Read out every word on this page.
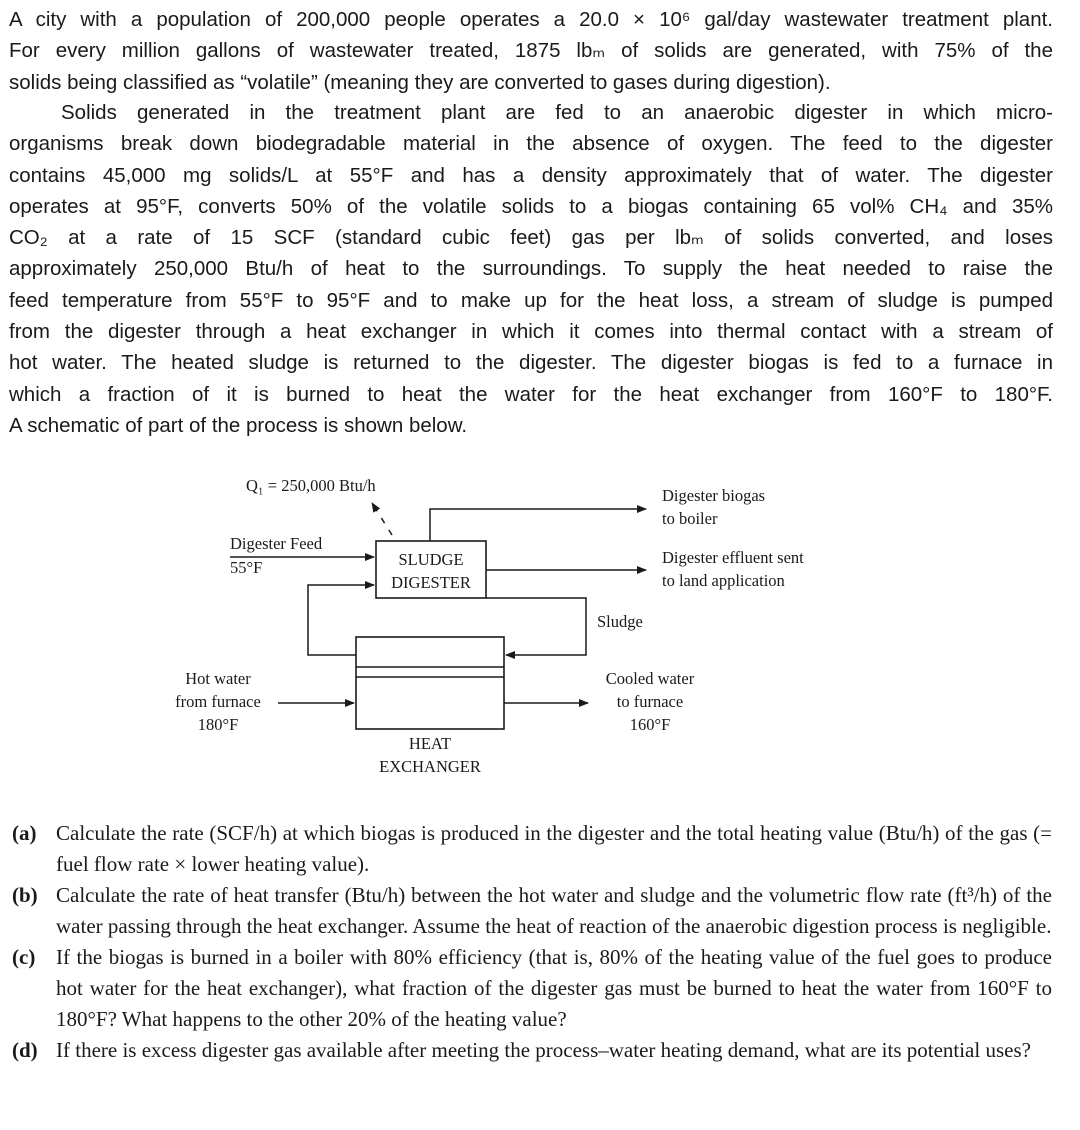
A city with a population of 200,000 people operates a 20.0 × 10⁶ gal/day wastewater treatment plant.
For every million gallons of wastewater treated, 1875 lbₘ of solids are generated, with 75% of the
solids being classified as “volatile” (meaning they are converted to gases during digestion).
Solids generated in the treatment plant are fed to an anaerobic digester in which micro-
organisms break down biodegradable material in the absence of oxygen. The feed to the digester
contains 45,000 mg solids/L at 55°F and has a density approximately that of water. The digester
operates at 95°F, converts 50% of the volatile solids to a biogas containing 65 vol% CH₄ and 35%
CO₂ at a rate of 15 SCF (standard cubic feet) gas per lbₘ of solids converted, and loses
approximately 250,000 Btu/h of heat to the surroundings. To supply the heat needed to raise the
feed temperature from 55°F to 95°F and to make up for the heat loss, a stream of sludge is pumped
from the digester through a heat exchanger in which it comes into thermal contact with a stream of
hot water. The heated sludge is returned to the digester. The digester biogas is fed to a furnace in
which a fraction of it is burned to heat the water for the heat exchanger from 160°F to 180°F.
A schematic of part of the process is shown below.
Q₁ = 250,000 Btu/h
Digester Feed
55°F	SLUDGE
DIGESTER
Digester biogas
to boiler
Digester effluent sent
to land application
Sludge
Hot water
from furnace
180°F
Cooled water
to furnace
160°F
HEAT
EXCHANGER

(a) Calculate the rate (SCF/h) at which biogas is produced in the digester and the total heating value (Btu/h) of the gas (= fuel flow rate × lower heating value).

(b) Calculate the rate of heat transfer (Btu/h) between the hot water and sludge and the volumetric flow rate (ft³/h) of the water passing through the heat exchanger. Assume the heat of reaction of the anaerobic digestion process is negligible.

(c) If the biogas is burned in a boiler with 80% efficiency (that is, 80% of the heating value of the fuel goes to produce hot water for the heat exchanger), what fraction of the digester gas must be burned to heat the water from 160°F to 180°F? What happens to the other 20% of the heating value?

(d) If there is excess digester gas available after meeting the process–water heating demand, what are its potential uses?
